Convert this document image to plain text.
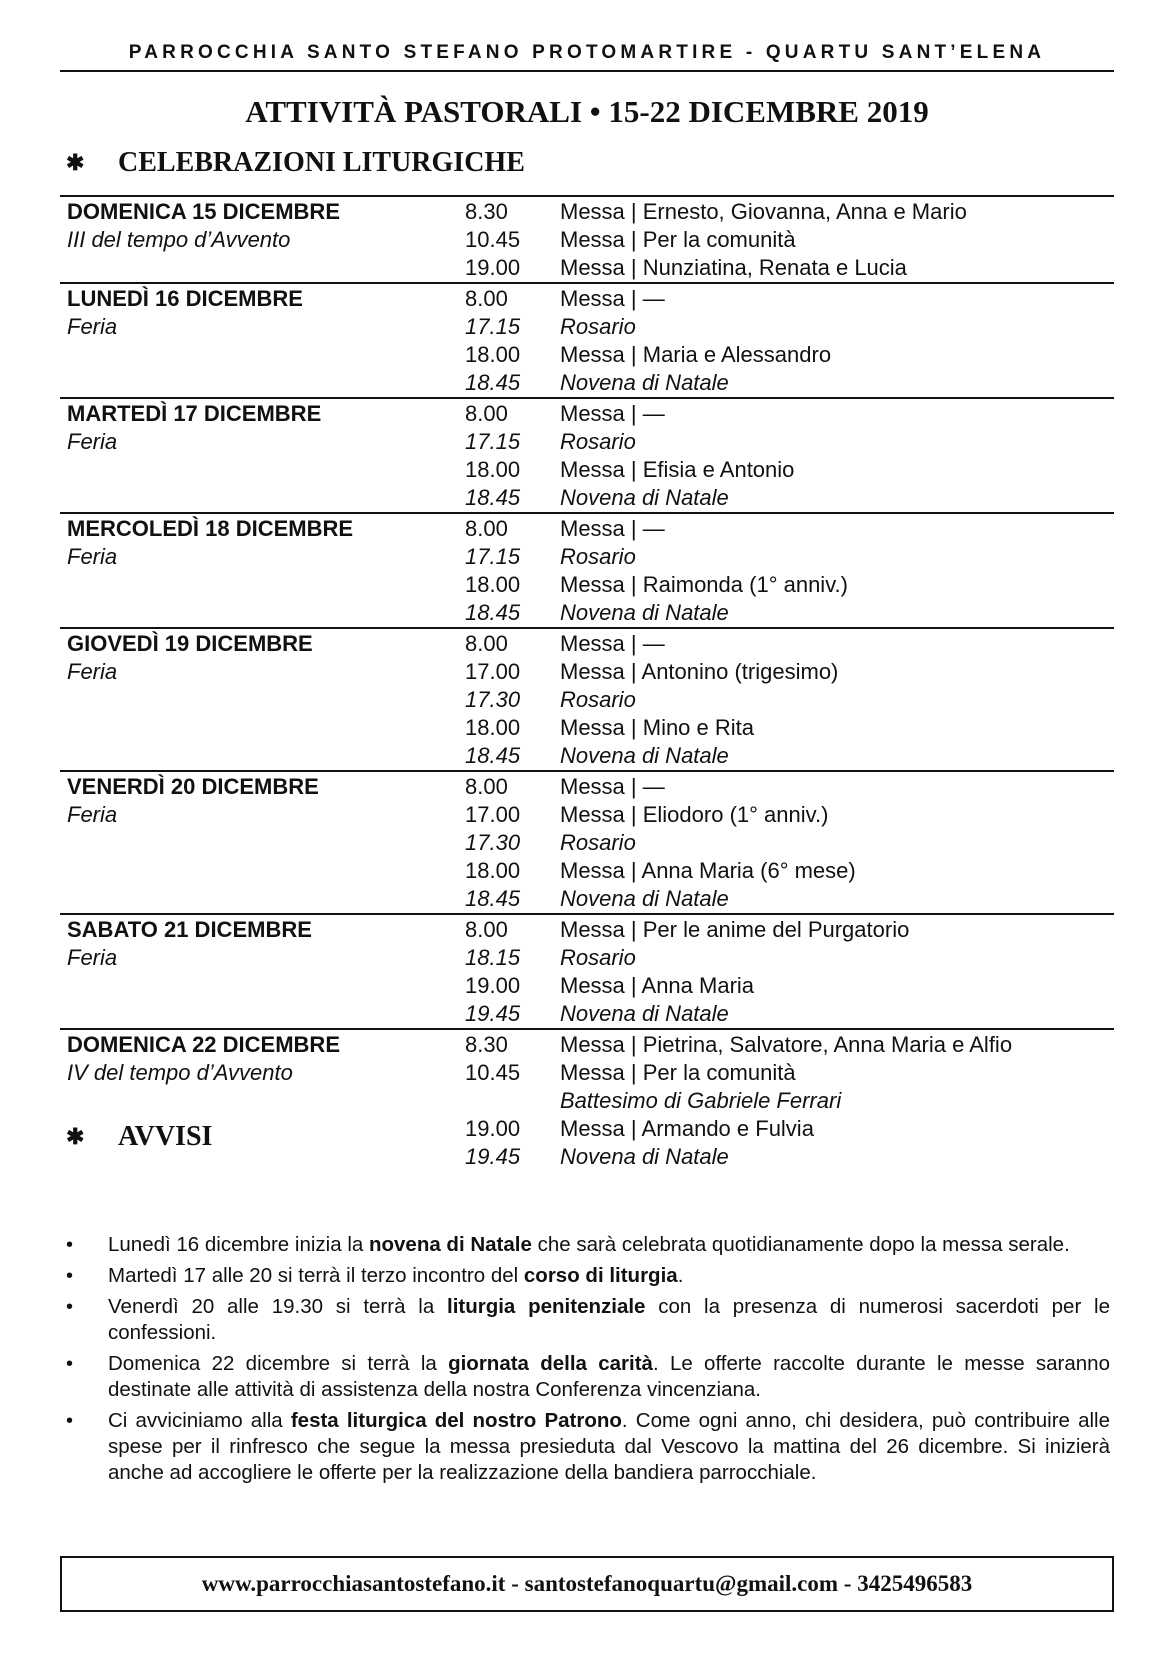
PARROCCHIA SANTO STEFANO PROTOMARTIRE - QUARTU SANT’ELENA
ATTIVITÀ PASTORALI • 15-22 DICEMBRE 2019
✱	CELEBRAZIONI LITURGICHE
DOMENICA 15 DICEMBRE
III del tempo d’Avvento
8.30	Messa | Ernesto, Giovanna, Anna e Mario
10.45	Messa | Per la comunità
19.00	Messa | Nunziatina, Renata e Lucia
LUNEDÌ 16 DICEMBRE
Feria
8.00	Messa | —
17.15	Rosario
18.00	Messa | Maria e Alessandro
18.45	Novena di Natale
MARTEDÌ 17 DICEMBRE
Feria
8.00	Messa | —
17.15	Rosario
18.00	Messa | Efisia e Antonio
18.45	Novena di Natale
MERCOLEDÌ 18 DICEMBRE
Feria
8.00	Messa | —
17.15	Rosario
18.00	Messa | Raimonda (1° anniv.)
18.45	Novena di Natale
GIOVEDÌ 19 DICEMBRE
Feria
8.00	Messa | —
17.00	Messa | Antonino (trigesimo)
17.30	Rosario
18.00	Messa | Mino e Rita
18.45	Novena di Natale
VENERDÌ 20 DICEMBRE
Feria
8.00	Messa | —
17.00	Messa | Eliodoro (1° anniv.)
17.30	Rosario
18.00	Messa | Anna Maria (6° mese)
18.45	Novena di Natale
SABATO 21 DICEMBRE
Feria
8.00	Messa | Per le anime del Purgatorio
18.15	Rosario
19.00	Messa | Anna Maria
19.45	Novena di Natale
DOMENICA 22 DICEMBRE
IV del tempo d’Avvento
8.30	Messa | Pietrina, Salvatore, Anna Maria e Alfio
10.45	Messa | Per la comunità
Battesimo di Gabriele Ferrari
19.00	Messa | Armando e Fulvia
19.45	Novena di Natale
✱	AVVISI
•	Lunedì 16 dicembre inizia la novena di Natale che sarà celebrata quotidianamente dopo la messa serale.
•	Martedì 17 alle 20 si terrà il terzo incontro del corso di liturgia.
•	Venerdì 20 alle 19.30 si terrà la liturgia penitenziale con la presenza di numerosi sacerdoti per le confessioni.
•	Domenica 22 dicembre si terrà la giornata della carità. Le offerte raccolte durante le messe saranno destinate alle attività di assistenza della nostra Conferenza vincenziana.
•	Ci avviciniamo alla festa liturgica del nostro Patrono. Come ogni anno, chi desidera, può contribuire alle spese per il rinfresco che segue la messa presieduta dal Vescovo la mattina del 26 dicembre. Si inizierà anche ad accogliere le offerte per la realizzazione della bandiera parrocchiale.
www.parrocchiasantostefano.it - santostefanoquartu@gmail.com - 3425496583
